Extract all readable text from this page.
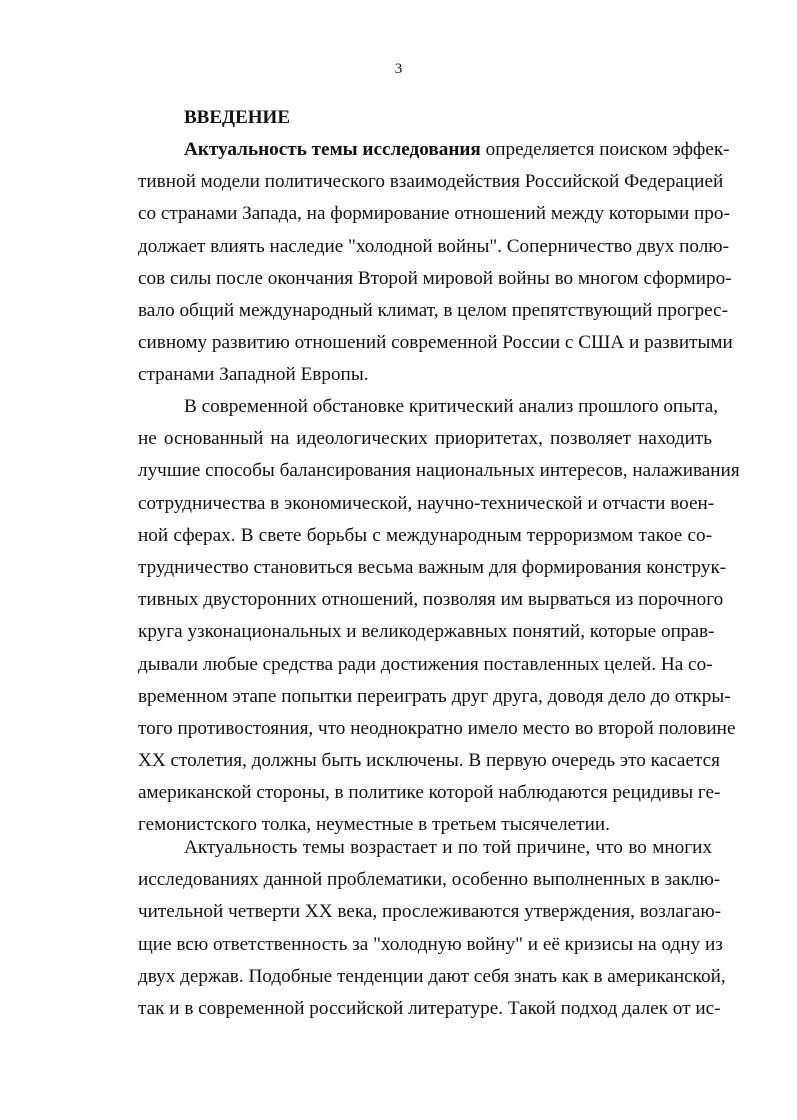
3
ВВЕДЕНИЕ
Актуальность темы исследования определяется поиском эффек-
тивной модели политического взаимодействия Российской Федерацией
со странами Запада, на формирование отношений между которыми про-
должает влиять наследие "холодной войны". Соперничество двух полю-
сов силы после окончания Второй мировой войны во многом сформиро-
вало общий международный климат, в целом препятствующий прогрес-
сивному развитию отношений современной России с США и развитыми
странами Западной Европы.
В современной обстановке критический анализ прошлого опыта,
не основанный на идеологических приоритетах, позволяет находить
лучшие способы балансирования национальных интересов, налаживания
сотрудничества в экономической, научно-технической и отчасти воен-
ной сферах. В свете борьбы с международным терроризмом такое со-
трудничество становиться весьма важным для формирования конструк-
тивных двусторонних отношений, позволяя им вырваться из порочного
круга узконациональных и великодержавных понятий, которые оправ-
дывали любые средства ради достижения поставленных целей. На со-
временном этапе попытки переиграть друг друга, доводя дело до откры-
того противостояния, что неоднократно имело место во второй половине
XX столетия, должны быть исключены. В первую очередь это касается
американской стороны, в политике которой наблюдаются рецидивы ге-
гемонистского толка, неуместные в третьем тысячелетии.
Актуальность темы возрастает и по той причине, что во многих
исследованиях данной проблематики, особенно выполненных в заклю-
чительной четверти XX века, прослеживаются утверждения, возлагаю-
щие всю ответственность за "холодную войну" и её кризисы на одну из
двух держав. Подобные тенденции дают себя знать как в американской,
так и в современной российской литературе. Такой подход далек от ис-
